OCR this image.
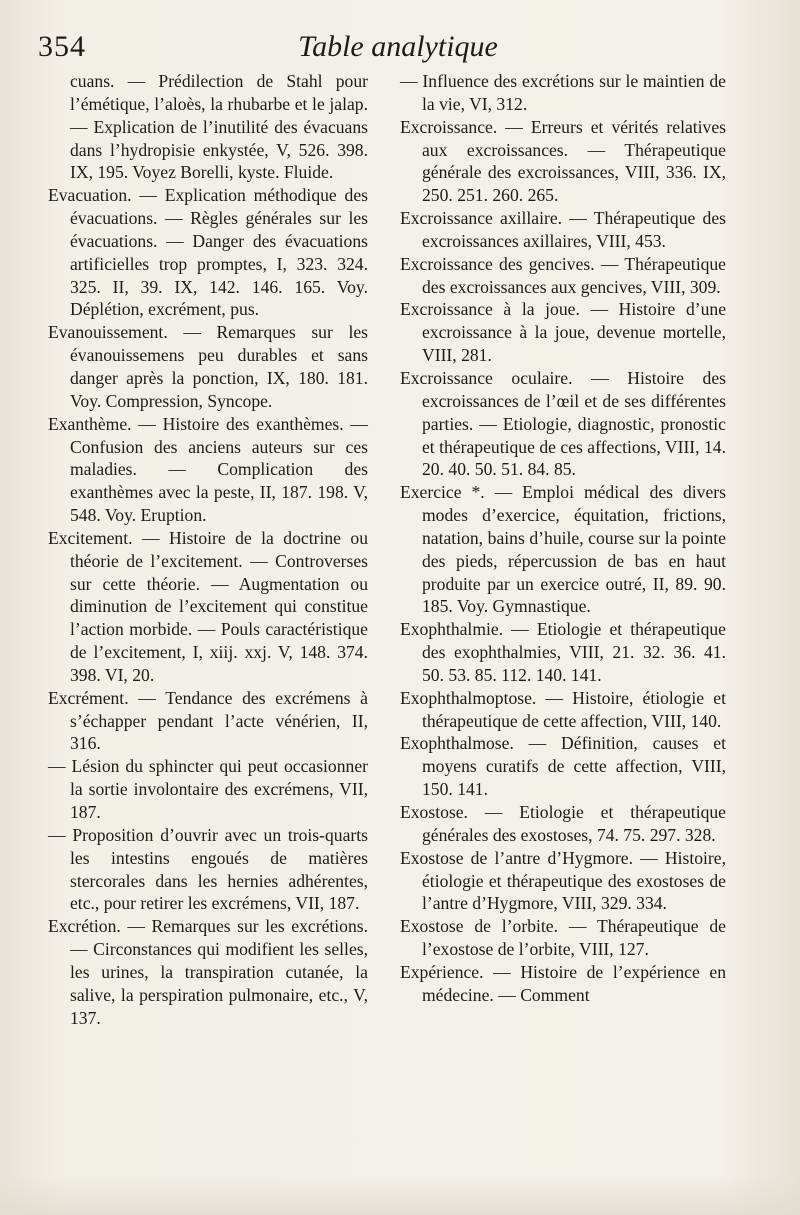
354	Table analytique

cuans. — Prédilection de Stahl pour l’émétique, l’aloès, la rhubarbe et le jalap. — Explication de l’inutilité des évacuans dans l’hydropisie enkystée, V, 526. 398. IX, 195. Voyez Borelli, kyste. Fluide.

Evacuation. — Explication méthodique des évacuations. — Règles générales sur les évacuations. — Danger des évacuations artificielles trop promptes, I, 323. 324. 325. II, 39. IX, 142. 146. 165. Voy. Déplétion, excrément, pus.

Evanouissement. — Remarques sur les évanouissemens peu durables et sans danger après la ponction, IX, 180. 181. Voy. Compression, Syncope.

Exanthème. — Histoire des exanthèmes. — Confusion des anciens auteurs sur ces maladies. — Complication des exanthèmes avec la peste, II, 187. 198. V, 548. Voy. Eruption.

Excitement. — Histoire de la doctrine ou théorie de l’excitement. — Controverses sur cette théorie. — Augmentation ou diminution de l’excitement qui constitue l’action morbide. — Pouls caractéristique de l’excitement, I, xiij. xxj. V, 148. 374. 398. VI, 20.

Excrément. — Tendance des excrémens à s’échapper pendant l’acte vénérien, II, 316.

— Lésion du sphincter qui peut occasionner la sortie involontaire des excrémens, VII, 187.

— Proposition d’ouvrir avec un trois-quarts les intestins engoués de matières stercorales dans les hernies adhérentes, etc., pour retirer les excrémens, VII, 187.

Excrétion. — Remarques sur les excrétions. — Circonstances qui modifient les selles, les urines, la transpiration cutanée, la salive, la perspiration pulmonaire, etc., V, 137.

— Influence des excrétions sur le maintien de la vie, VI, 312.

Excroissance. — Erreurs et vérités relatives aux excroissances. — Thérapeutique générale des excroissances, VIII, 336. IX, 250. 251. 260. 265.

Excroissance axillaire. — Thérapeutique des excroissances axillaires, VIII, 453.

Excroissance des gencives. — Thérapeutique des excroissances aux gencives, VIII, 309.

Excroissance à la joue. — Histoire d’une excroissance à la joue, devenue mortelle, VIII, 281.

Excroissance oculaire. — Histoire des excroissances de l’œil et de ses différentes parties. — Etiologie, diagnostic, pronostic et thérapeutique de ces affections, VIII, 14. 20. 40. 50. 51. 84. 85.

Exercice *. — Emploi médical des divers modes d’exercice, équitation, frictions, natation, bains d’huile, course sur la pointe des pieds, répercussion de bas en haut produite par un exercice outré, II, 89. 90. 185. Voy. Gymnastique.

Exophthalmie. — Etiologie et thérapeutique des exophthalmies, VIII, 21. 32. 36. 41. 50. 53. 85. 112. 140. 141.

Exophthalmoptose. — Histoire, étiologie et thérapeutique de cette affection, VIII, 140.

Exophthalmose. — Définition, causes et moyens curatifs de cette affection, VIII, 150. 141.

Exostose. — Etiologie et thérapeutique générales des exostoses, 74. 75. 297. 328.

Exostose de l’antre d’Hygmore. — Histoire, étiologie et thérapeutique des exostoses de l’antre d’Hygmore, VIII, 329. 334.

Exostose de l’orbite. — Thérapeutique de l’exostose de l’orbite, VIII, 127.

Expérience. — Histoire de l’expérience en médecine. — Comment
